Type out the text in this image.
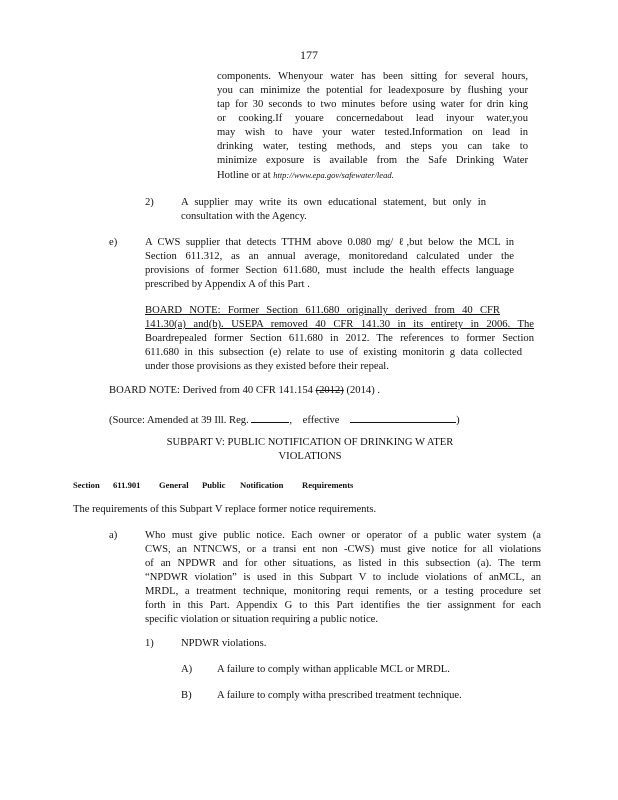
177
components. Whenyour water has been sitting for several hours,
you can minimize the potential for leadexposure by flushing your
tap for 30 seconds to two minutes before using water for drin king
or cooking.If youare concernedabout lead inyour water,you
may wish to have your water tested.Information on lead in
drinking water, testing methods, and steps you can take to
minimize exposure is available from the Safe Drinking Water
Hotline or at http://www.epa.gov/safewater/lead.
2)	A supplier may write its own educational statement, but only in
consultation with the Agency.
e)	A CWS supplier that detects TTHM above 0.080 mg/ ℓ,but below the MCL in
Section 611.312, as an annual average, monitoredand calculated under the
provisions of former Section 611.680, must include the health effects language
prescribed by Appendix A of this Part .
BOARD NOTE: Former Section 611.680 originally derived from 40 CFR
141.30(a) and(b). USEPA removed 40 CFR 141.30 in its entirety in 2006. The
Boardrepealed former Section 611.680 in 2012. The references to former Section
611.680 in this subsection (e) relate to use of existing monitorin g data collected
under those provisions as they existed before their repeal.
BOARD NOTE: Derived from 40 CFR 141.154 (2012) (2014) .
(Source: Amended at 39 Ill. Reg.	,    effective	)
SUBPART V: PUBLIC NOTIFICATION OF DRINKING W ATER
VIOLATIONS
Section 611.901 General Public Notification Requirements
The requirements of this Subpart V replace former notice requirements.
a)	Who must give public notice. Each owner or operator of a public water system (a
CWS, an NTNCWS, or a transi ent non -CWS) must give notice for all violations
of an NPDWR and for other situations, as listed in this subsection (a). The term
“NPDWR violation” is used in this Subpart V to include violations of anMCL, an
MRDL, a treatment technique, monitoring requi rements, or a testing procedure set
forth in this Part. Appendix G to this Part identifies the tier assignment for each
specific violation or situation requiring a public notice.
1)	NPDWR violations.
A) A failure to comply withan applicable MCL or MRDL.
B) A failure to comply witha prescribed treatment technique.
